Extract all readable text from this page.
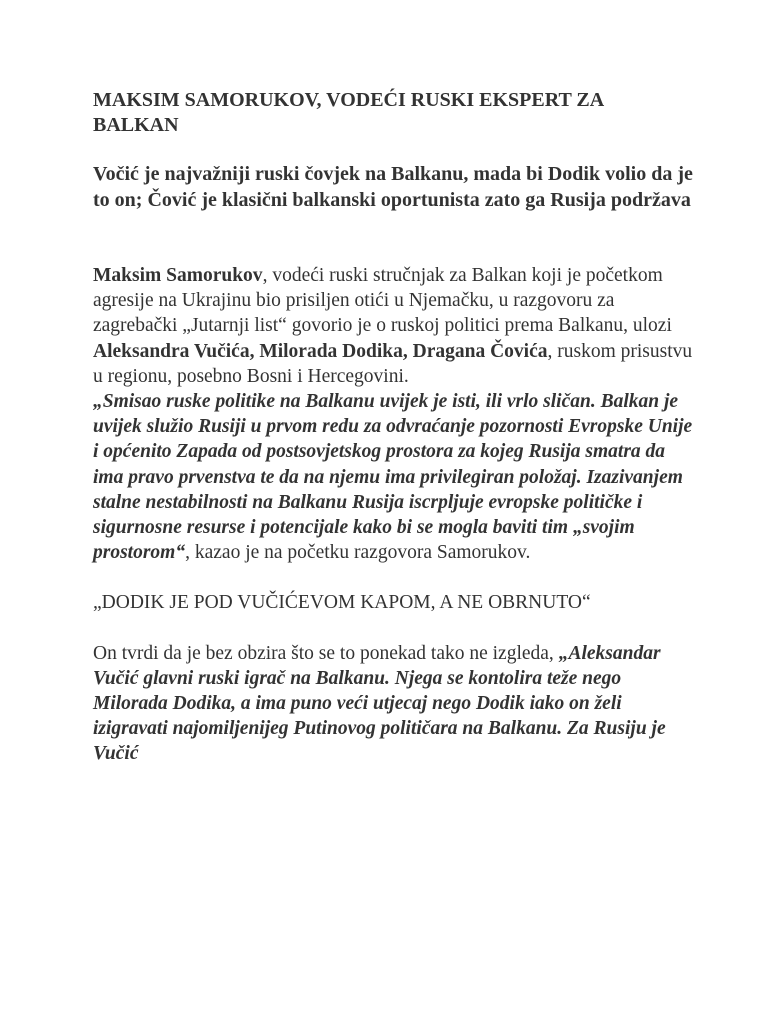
MAKSIM SAMORUKOV, VODEĆI RUSKI EKSPERT ZA BALKAN

Vočić je najvažniji ruski čovjek na Balkanu, mada bi Dodik volio da je to on; Čović je klasični balkanski oportunista zato ga Rusija podržava

Maksim Samorukov, vodeći ruski stručnjak za Balkan koji je početkom agresije na Ukrajinu bio prisiljen otići u Njemačku, u razgovoru za zagrebački „Jutarnji list“ govorio je o ruskoj politici prema Balkanu, ulozi Aleksandra Vučića, Milorada Dodika, Dragana Čovića, ruskom prisustvu u regionu, posebno Bosni i Hercegovini.
„Smisao ruske politike na Balkanu uvijek je isti, ili vrlo sličan. Balkan je uvijek služio Rusiji u prvom redu za odvraćanje pozornosti Evropske Unije i općenito Zapada od postsovjetskog prostora za kojeg Rusija smatra da ima pravo prvenstva te da na njemu ima privilegiran položaj. Izazivanjem stalne nestabilnosti na Balkanu Rusija iscrpljuje evropske političke i sigurnosne resurse i potencijale kako bi se mogla baviti tim „svojim prostorom“, kazao je na početku razgovora Samorukov.

„DODIK JE POD VUČIĆEVOM KAPOM, A NE OBRNUTO“

On tvrdi da je bez obzira što se to ponekad tako ne izgleda, „Aleksandar Vučić glavni ruski igrač na Balkanu. Njega se kontolira teže nego Milorada Dodika, a ima puno veći utjecaj nego Dodik iako on želi izigravati najomiljenijeg Putinovog političara na Balkanu. Za Rusiju je Vučić
